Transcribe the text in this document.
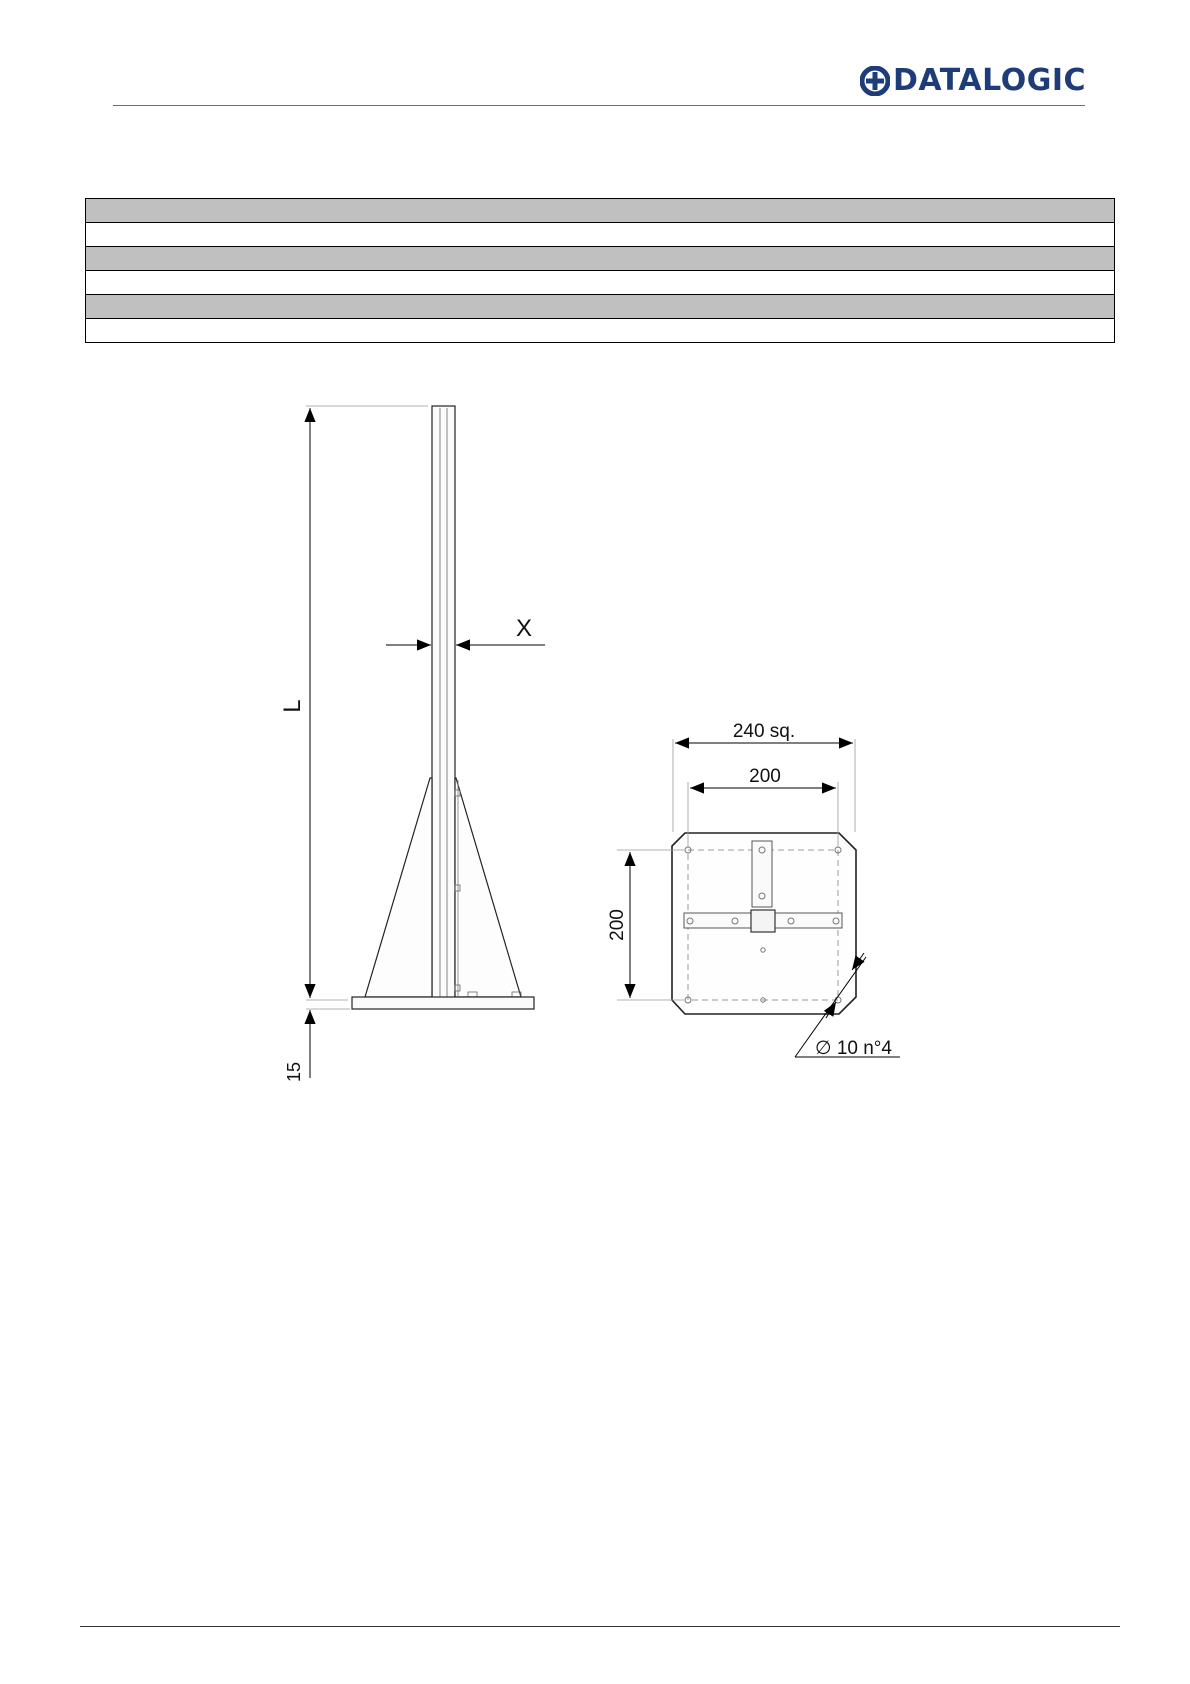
DATALOGIC

L
X
15
240 sq.
200
200
∅ 10 n°4
